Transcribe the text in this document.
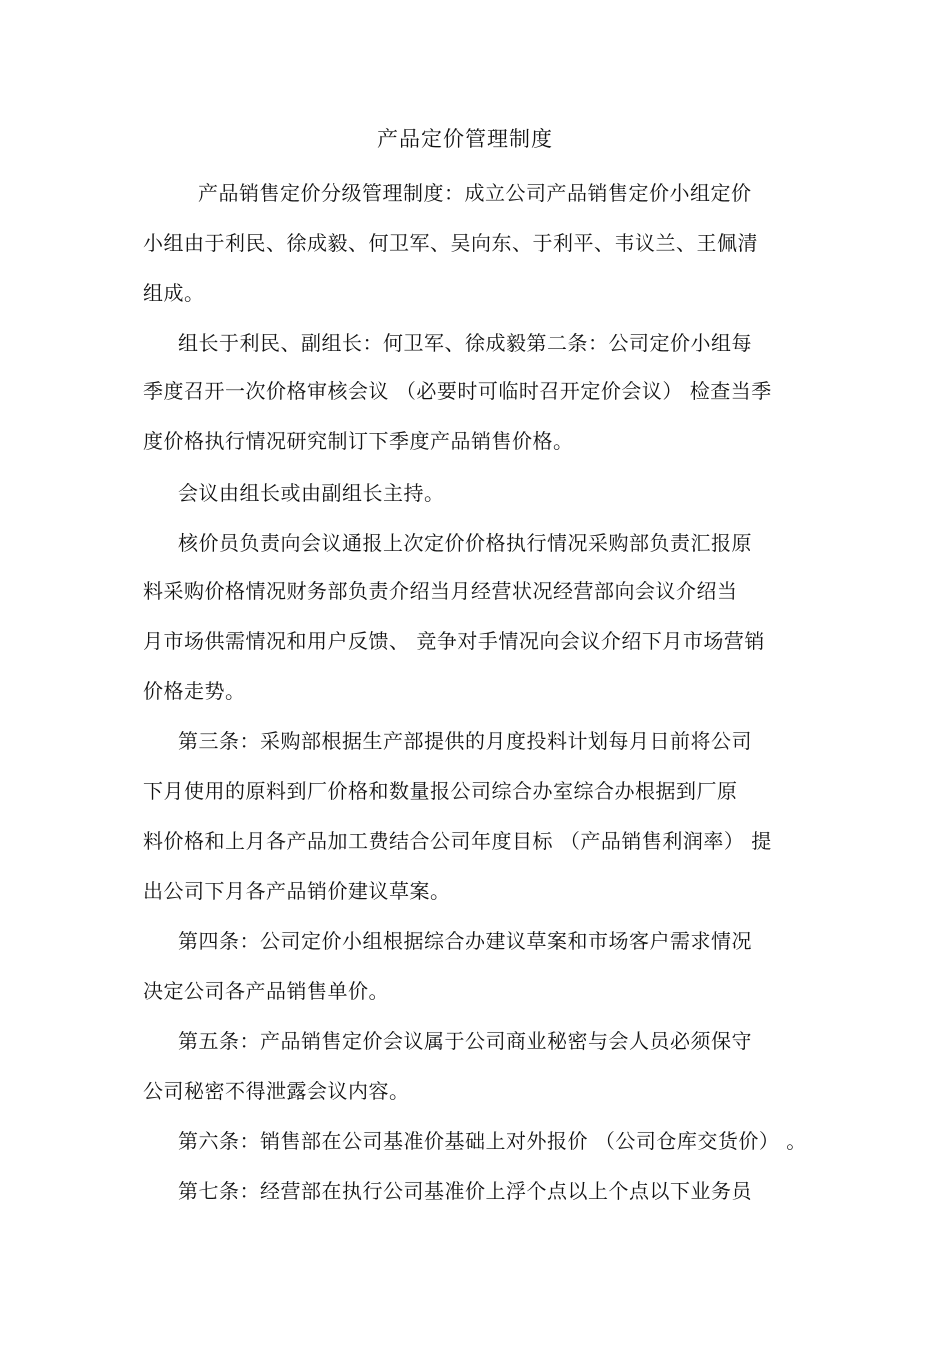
产品定价管理制度
产品销售定价分级管理制度：成立公司产品销售定价小组定价
小组由于利民、徐成毅、何卫军、吴向东、于利平、韦议兰、王佩清
组成。
组长于利民、副组长：何卫军、徐成毅第二条：公司定价小组每
季度召开一次价格审核会议 （必要时可临时召开定价会议） 检查当季
度价格执行情况研究制订下季度产品销售价格。
会议由组长或由副组长主持。
核价员负责向会议通报上次定价价格执行情况采购部负责汇报原
料采购价格情况财务部负责介绍当月经营状况经营部向会议介绍当
月市场供需情况和用户反馈、 竞争对手情况向会议介绍下月市场营销
价格走势。
第三条：采购部根据生产部提供的月度投料计划每月日前将公司
下月使用的原料到厂价格和数量报公司综合办室综合办根据到厂原
料价格和上月各产品加工费结合公司年度目标 （产品销售利润率） 提
出公司下月各产品销价建议草案。
第四条：公司定价小组根据综合办建议草案和市场客户需求情况
决定公司各产品销售单价。
第五条：产品销售定价会议属于公司商业秘密与会人员必须保守
公司秘密不得泄露会议内容。
第六条：销售部在公司基准价基础上对外报价 （公司仓库交货价） 。
第七条：经营部在执行公司基准价上浮个点以上个点以下业务员
